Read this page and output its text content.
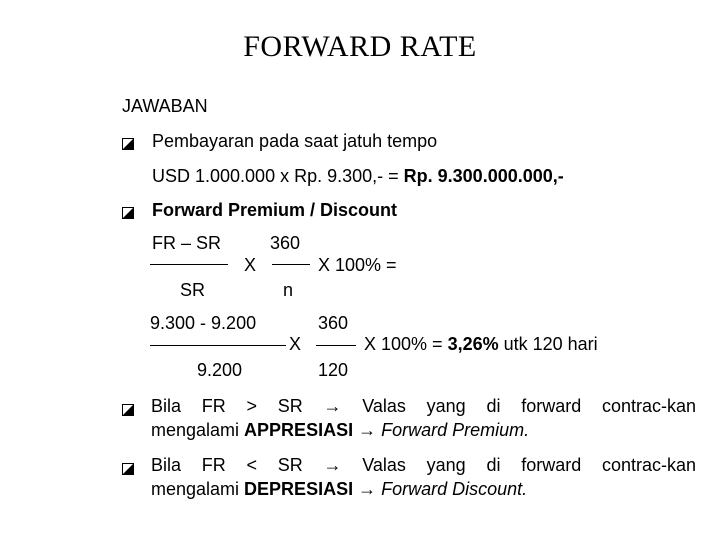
FORWARD RATE
JAWABAN
Pembayaran pada saat jatuh tempo
USD 1.000.000 x Rp. 9.300,- = Rp. 9.300.000.000,-
Forward Premium / Discount
FR – SR
SR
X
360
n
X 100% =
9.300 - 9.200
9.200
X
360
120
X 100% = 3,26% utk 120 hari
Bila FR > SR → Valas yang di forward contrac-kan
mengalami APPRESIASI → Forward Premium.
Bila FR < SR → Valas yang di forward contrac-kan
mengalami DEPRESIASI → Forward Discount.
